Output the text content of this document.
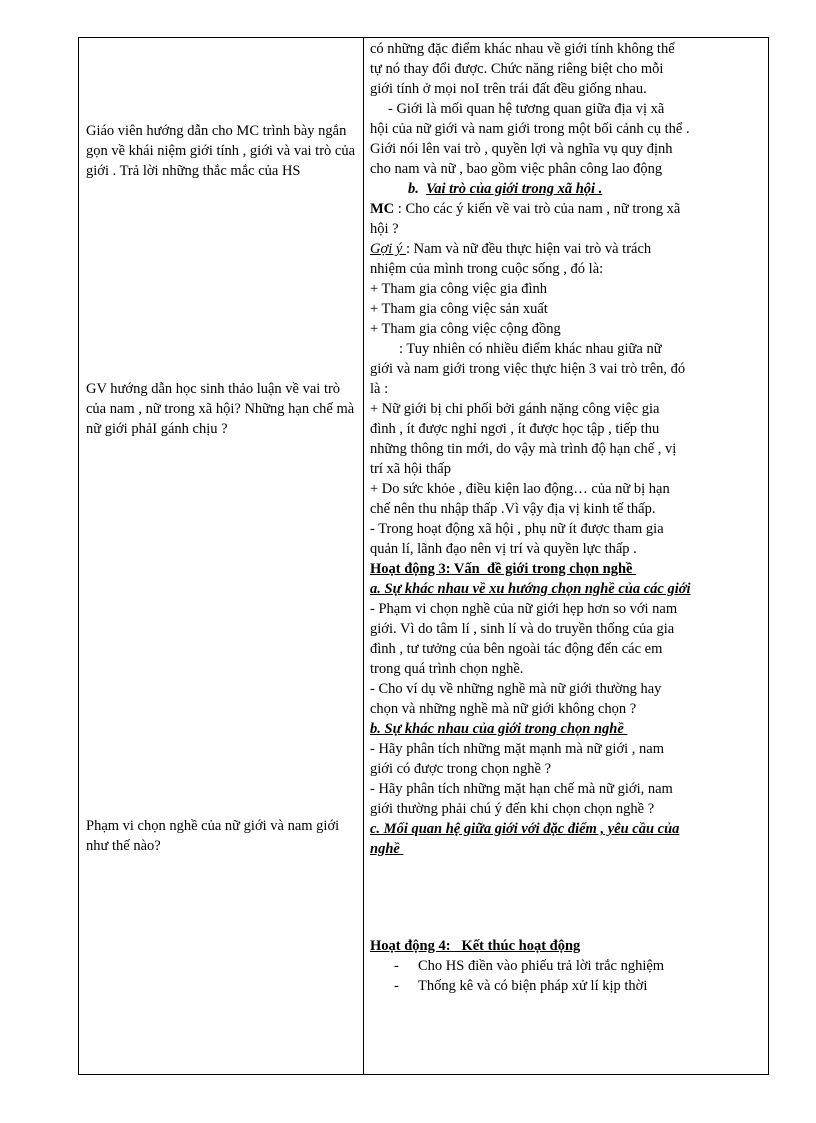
Giáo viên hướng dẫn cho MC trình bày ngắn gọn về khái niệm giới tính , giới và vai trò của giới . Trả lời những thắc mắc của HS
GV hướng dẫn học sinh thảo luận về vai trò của nam , nữ trong xã hội? Những hạn chế mà nữ giới phảI gánh chịu ?
Phạm vi chọn nghề của nữ giới và nam giới như thế nào?
có những đặc điểm khác nhau về giới tính không thể
tự nó thay đổi được. Chức năng riêng biệt cho mỗi
giới tính ở mọi noI trên trái đất đều giống nhau.
- Giới là mối quan hệ tương quan giữa địa vị xã
hội của nữ giới và nam giới trong một bối cảnh cụ thể .
Giới nói lên vai trò , quyền lợi và nghĩa vụ quy định
cho nam và nữ , bao gồm việc phân công lao động
b. Vai trò của giới trong xã hội .
MC : Cho các ý kiến về vai trò của nam , nữ trong xã
hội ?
Gợi ý : Nam và nữ đều thực hiện vai trò và trách
nhiệm của mình trong cuộc sống , đó là:
+ Tham gia công việc gia đình
+ Tham gia công việc sản xuất
+ Tham gia công việc cộng đồng
: Tuy nhiên có nhiều điểm khác nhau giữa nữ
giới và nam giới trong việc thực hiện 3 vai trò trên, đó
là :
+ Nữ giới bị chi phối bởi gánh nặng công việc gia
đình , ít được nghỉ ngơi , ít được học tập , tiếp thu
những thông tin mới, do vậy mà trình độ hạn chế , vị
trí xã hội thấp
+ Do sức khỏe , điều kiện lao động… của nữ bị hạn
chế nên thu nhập thấp .Vì vậy địa vị kinh tế thấp.
- Trong hoạt động xã hội , phụ nữ ít được tham gia
quản lí, lãnh đạo nên vị trí và quyền lực thấp .
Hoạt động 3: Vấn  đề giới trong chọn nghề
a. Sự khác nhau về xu hướng chọn nghề của các giới
- Phạm vi chọn nghề của nữ giới hẹp hơn so với nam
giới. Vì do tâm lí , sinh lí và do truyền thống của gia
đình , tư tưởng của bên ngoài tác động đến các em
trong quá trình chọn nghề.
- Cho ví dụ về những nghề mà nữ giới thường hay
chọn và những nghề mà nữ giới không chọn ?
b. Sự khác nhau của giới trong chọn nghề
- Hãy phân tích những mặt mạnh mà nữ giới , nam
giới có được trong chọn nghề ?
- Hãy phân tích những mặt hạn chế mà nữ giới, nam
giới thường phải chú ý đến khi chọn chọn nghề ?
c. Mối quan hệ giữa giới với đặc điểm , yêu cầu của
nghề
Hoạt động 4:   Kết thúc hoạt động
- Cho HS điền vào phiếu trả lời trắc nghiệm
- Thống kê và có biện pháp xử lí kịp thời
